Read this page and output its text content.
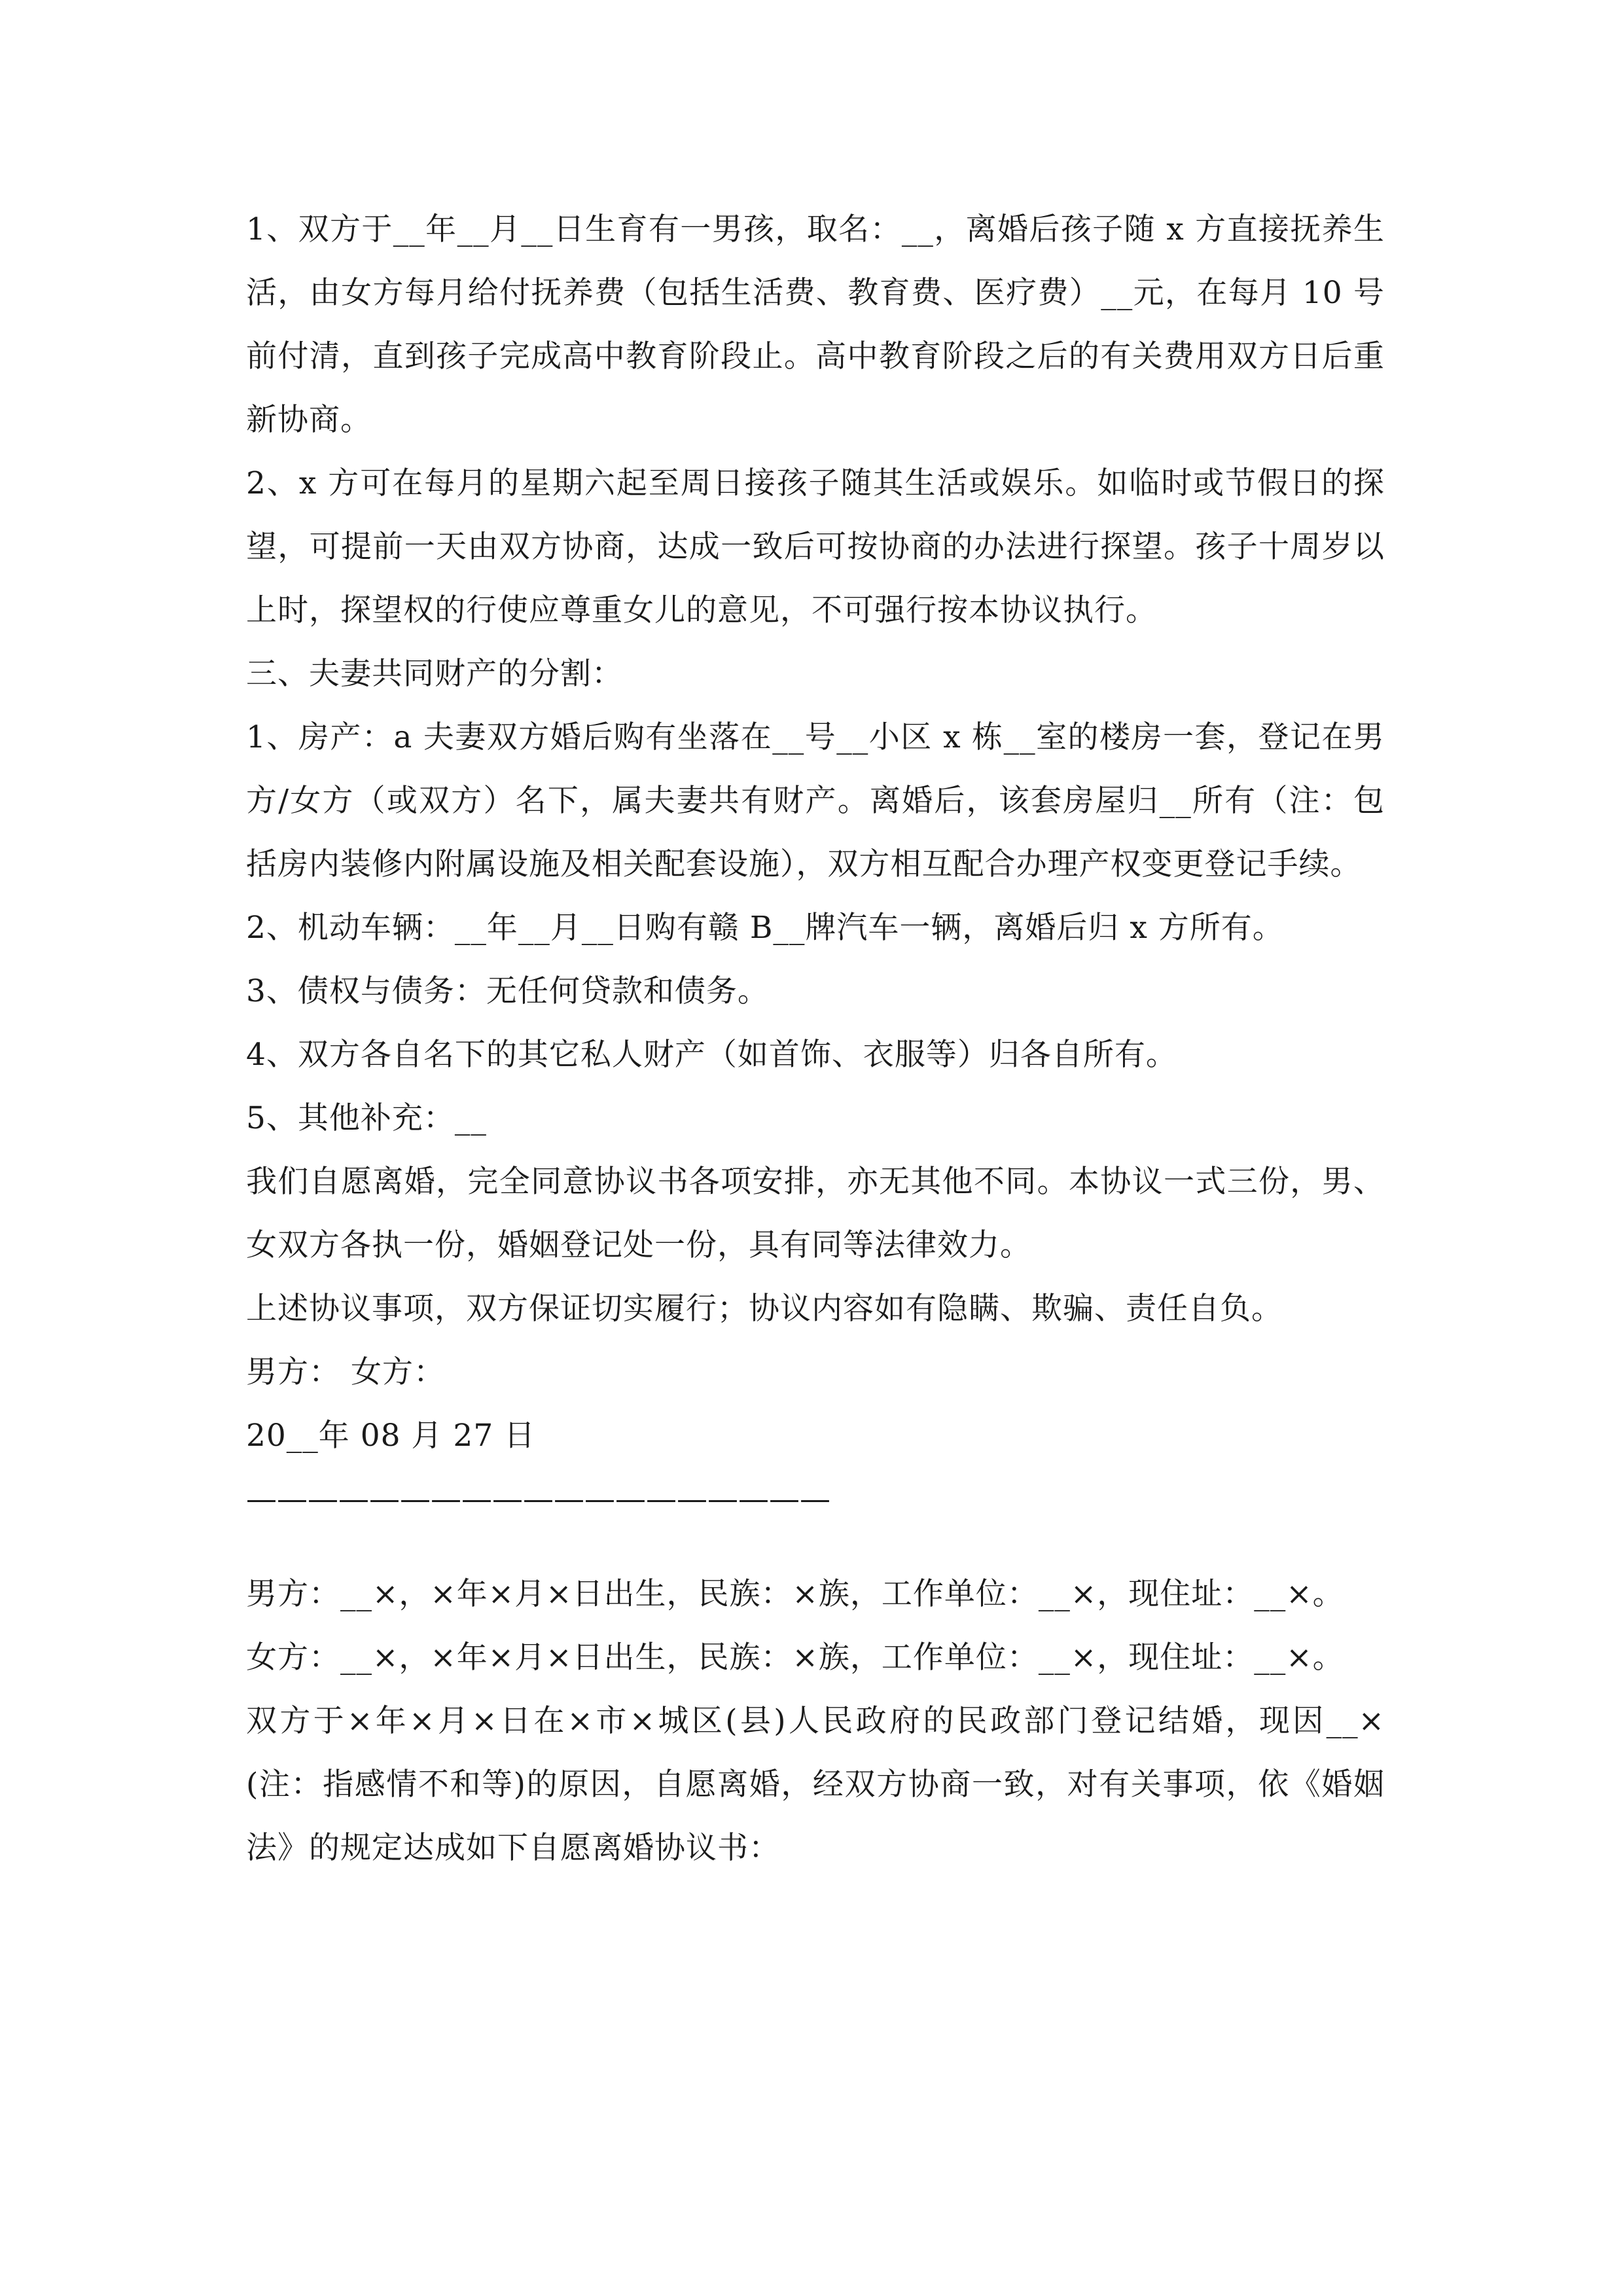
1、双方于__年__月__日生育有一男孩，取名：__，离婚后孩子随 x 方直接抚养生活，由女方每月给付抚养费（包括生活费、教育费、医疗费）__元，在每月 10 号前付清，直到孩子完成高中教育阶段止。高中教育阶段之后的有关费用双方日后重新协商。

2、x 方可在每月的星期六起至周日接孩子随其生活或娱乐。如临时或节假日的探望，可提前一天由双方协商，达成一致后可按协商的办法进行探望。孩子十周岁以上时，探望权的行使应尊重女儿的意见，不可强行按本协议执行。

三、夫妻共同财产的分割：

1、房产：a 夫妻双方婚后购有坐落在__号__小区 x 栋__室的楼房一套，登记在男方/女方（或双方）名下，属夫妻共有财产。离婚后，该套房屋归__所有（注：包括房内装修内附属设施及相关配套设施），双方相互配合办理产权变更登记手续。

2、机动车辆：__年__月__日购有赣 B__牌汽车一辆，离婚后归 x 方所有。

3、债权与债务：无任何贷款和债务。

4、双方各自名下的其它私人财产（如首饰、衣服等）归各自所有。

5、其他补充：__

我们自愿离婚，完全同意协议书各项安排，亦无其他不同。本协议一式三份，男、女双方各执一份，婚姻登记处一份，具有同等法律效力。

上述协议事项，双方保证切实履行；协议内容如有隐瞒、欺骗、责任自负。

男方： 女方：

20__年 08 月 27 日

———————————————————

男方：__×，×年×月×日出生，民族：×族，工作单位：__×，现住址：__×。

女方：__×，×年×月×日出生，民族：×族，工作单位：__×，现住址：__×。

双方于×年×月×日在×市×城区(县)人民政府的民政部门登记结婚，现因__×(注：指感情不和等)的原因，自愿离婚，经双方协商一致，对有关事项，依《婚姻法》的规定达成如下自愿离婚协议书：
